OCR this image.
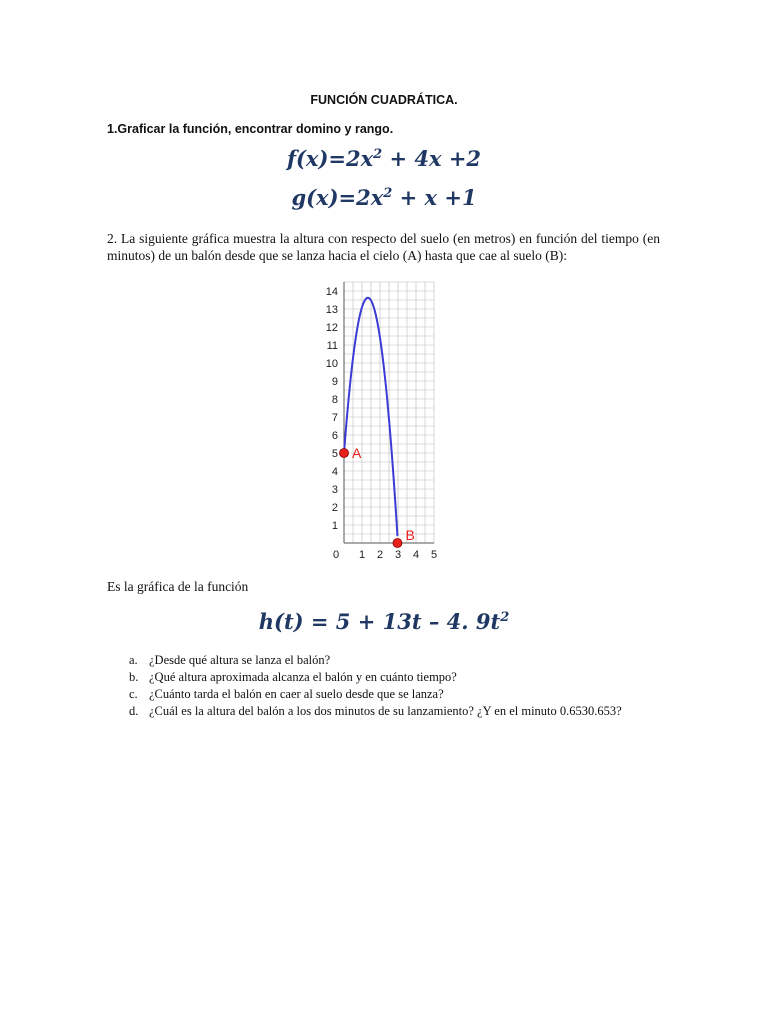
FUNCIÓN CUADRÁTICA.
1.Graficar la función, encontrar domino y rango.
$f(x)=2x^2 + 4x +2$
$g(x)=2x^2 + x +1$
2. La siguiente gráfica muestra la altura con respecto del suelo (en metros) en función del tiempo (en minutos) de un balón desde que se lanza hacia el cielo (A) hasta que cae al suelo (B):
1
2
3
4
5
6
7
8
9
10
11
12
13
14
0 1 2 3 4 5
A
B
Es la gráfica de la función
h(t) = 5 + 13t – 4. $9t^2$
a. ¿Desde qué altura se lanza el balón?
b. ¿Qué altura aproximada alcanza el balón y en cuánto tiempo?
c. ¿Cuánto tarda el balón en caer al suelo desde que se lanza?
d. ¿Cuál es la altura del balón a los dos minutos de su lanzamiento? ¿Y en el minuto 0.6530.653?
